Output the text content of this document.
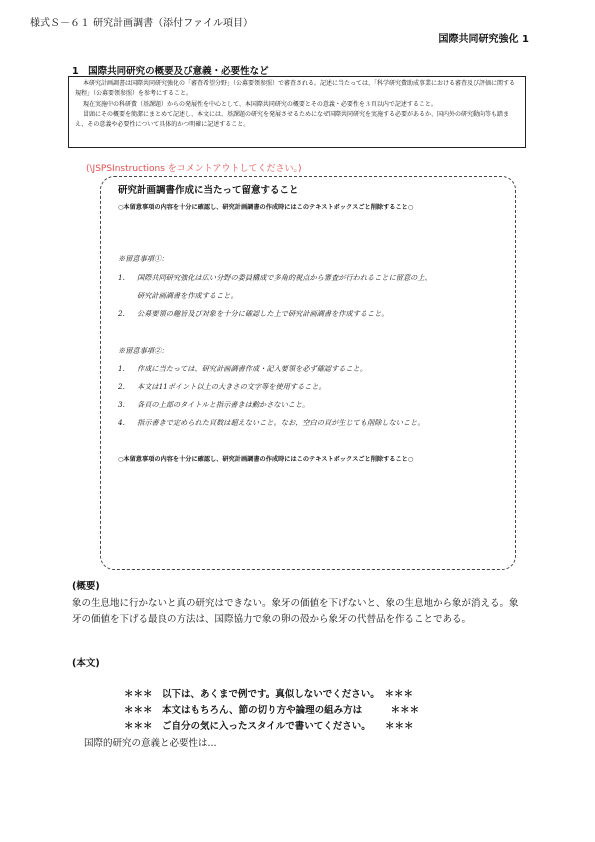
様式Ｓ－６１ 研究計画調書（添付ファイル項目）
国際共同研究強化 1
1　国際共同研究の概要及び意義・必要性など

本研究計画調書は国際共同研究強化の「審査希望分野」（公募要領参照）で審査される。記述に当たっては、「科学研究費助成事業における審査及び評価に関する規程」（公募要領参照）を参考にすること。

現在実施中の科研費（基課題）からの発展性を中心として、本国際共同研究の概要とその意義・必要性を３頁以内で記述すること。

冒頭にその概要を簡潔にまとめて記述し、本文には、基課題の研究を発展させるためになぜ国際共同研究を実施する必要があるか、国内外の研究動向等も踏まえ、その意義や必要性について具体的かつ明確に記述すること。

(\JSPSInstructions をコメントアウトしてください。)
研究計画調書作成に当たって留意すること
○本留意事項の内容を十分に確認し、研究計画調書の作成時にはこのテキストボックスごと削除すること○
※留意事項①：
1. 国際共同研究強化は広い分野の委員構成で多角的視点から審査が行われることに留意の上、
研究計画調書を作成すること。
2. 公募要領の趣旨及び対象を十分に確認した上で研究計画調書を作成すること。
※留意事項②：
1. 作成に当たっては、研究計画調書作成・記入要領を必ず確認すること。
2. 本文は11ポイント以上の大きさの文字等を使用すること。
3. 各頁の上部のタイトルと指示書きは動かさないこと。
4. 指示書きで定められた頁数は超えないこと。なお、空白の頁が生じても削除しないこと。
○本留意事項の内容を十分に確認し、研究計画調書の作成時にはこのテキストボックスごと削除すること○
(概要)
象の生息地に行かないと真の研究はできない。象牙の価値を下げないと、象の生息地から象が消える。象牙の価値を下げる最良の方法は、国際協力で象の卵の殻から象牙の代替品を作ることである。
(本文)
＊＊＊　以下は、あくまで例です。真似しないでください。　＊＊＊
＊＊＊　本文はもちろん、節の切り方や論理の組み方は　　　＊＊＊
＊＊＊　ご自分の気に入ったスタイルで書いてください。　　＊＊＊
国際的研究の意義と必要性は...
